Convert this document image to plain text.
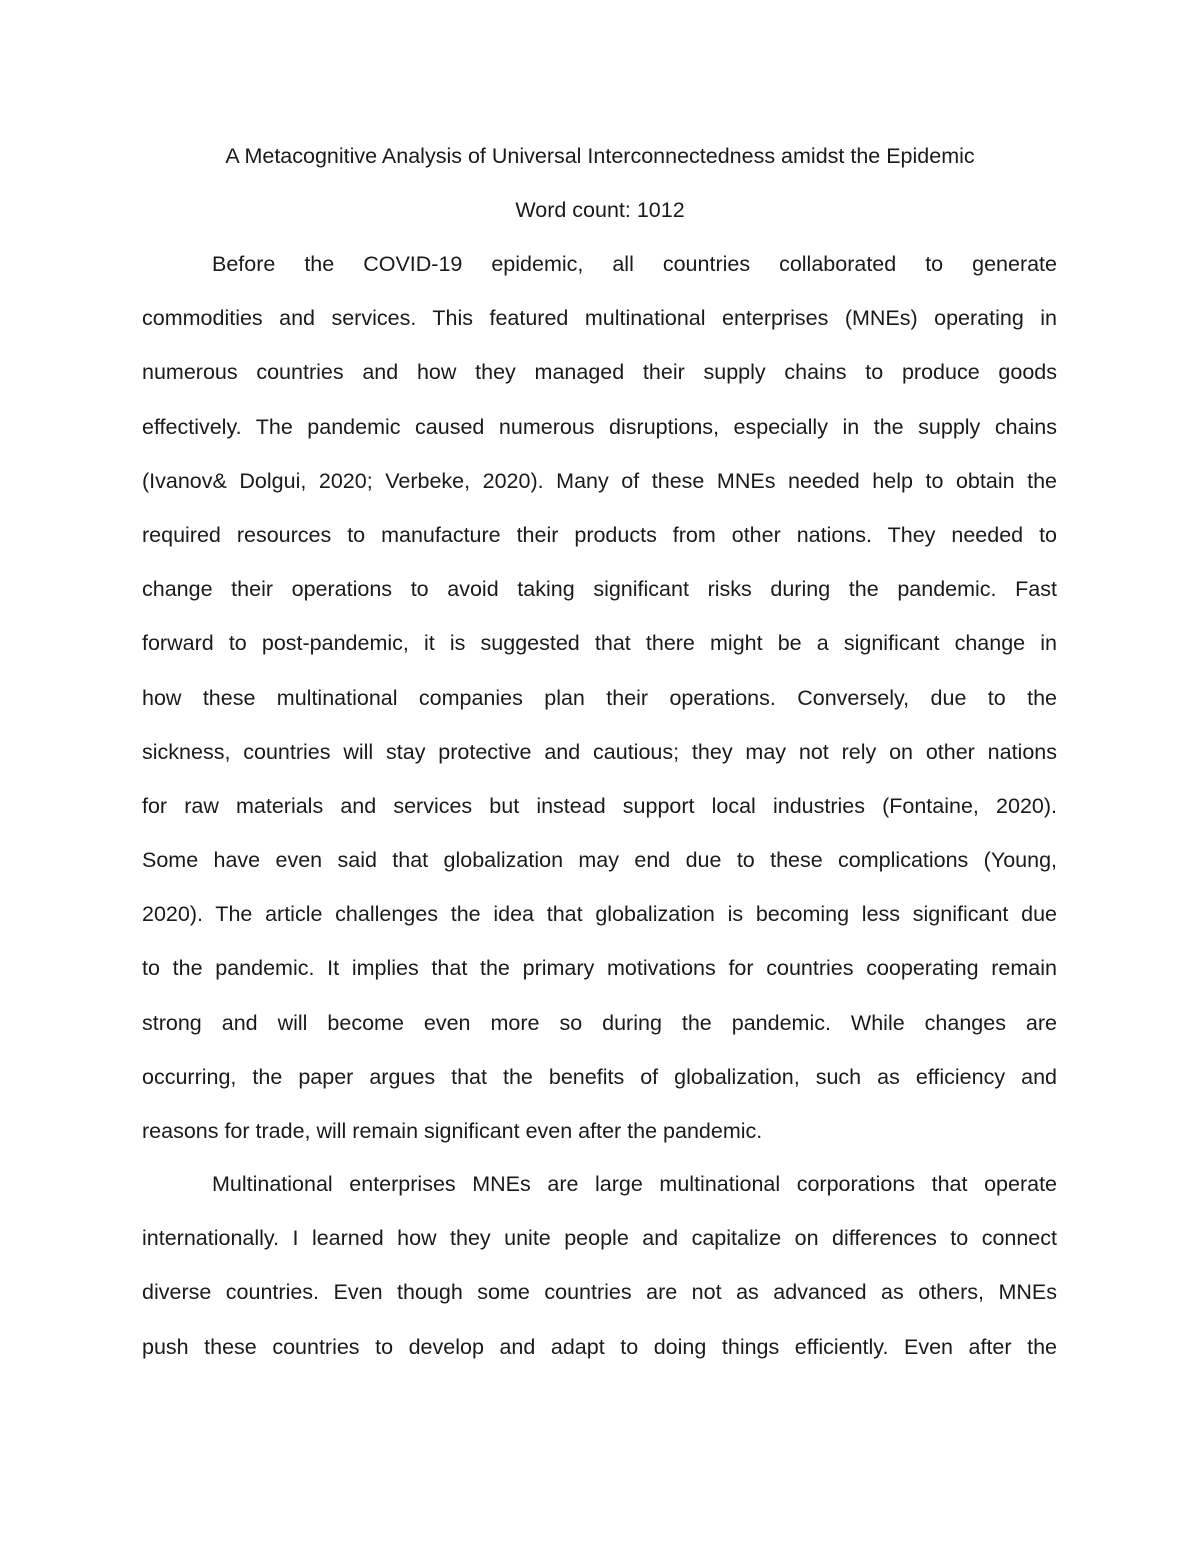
A Metacognitive Analysis of Universal Interconnectedness amidst the Epidemic

Word count: 1012

Before the COVID-19 epidemic, all countries collaborated to generate
commodities and services. This featured multinational enterprises (MNEs) operating in
numerous countries and how they managed their supply chains to produce goods
effectively. The pandemic caused numerous disruptions, especially in the supply chains
(Ivanov& Dolgui, 2020; Verbeke, 2020). Many of these MNEs needed help to obtain the
required resources to manufacture their products from other nations. They needed to
change their operations to avoid taking significant risks during the pandemic. Fast
forward to post-pandemic, it is suggested that there might be a significant change in
how these multinational companies plan their operations. Conversely, due to the
sickness, countries will stay protective and cautious; they may not rely on other nations
for raw materials and services but instead support local industries (Fontaine, 2020).
Some have even said that globalization may end due to these complications (Young,
2020). The article challenges the idea that globalization is becoming less significant due
to the pandemic. It implies that the primary motivations for countries cooperating remain
strong and will become even more so during the pandemic. While changes are
occurring, the paper argues that the benefits of globalization, such as efficiency and
reasons for trade, will remain significant even after the pandemic.
Multinational enterprises MNEs are large multinational corporations that operate
internationally. I learned how they unite people and capitalize on differences to connect
diverse countries. Even though some countries are not as advanced as others, MNEs
push these countries to develop and adapt to doing things efficiently. Even after the
